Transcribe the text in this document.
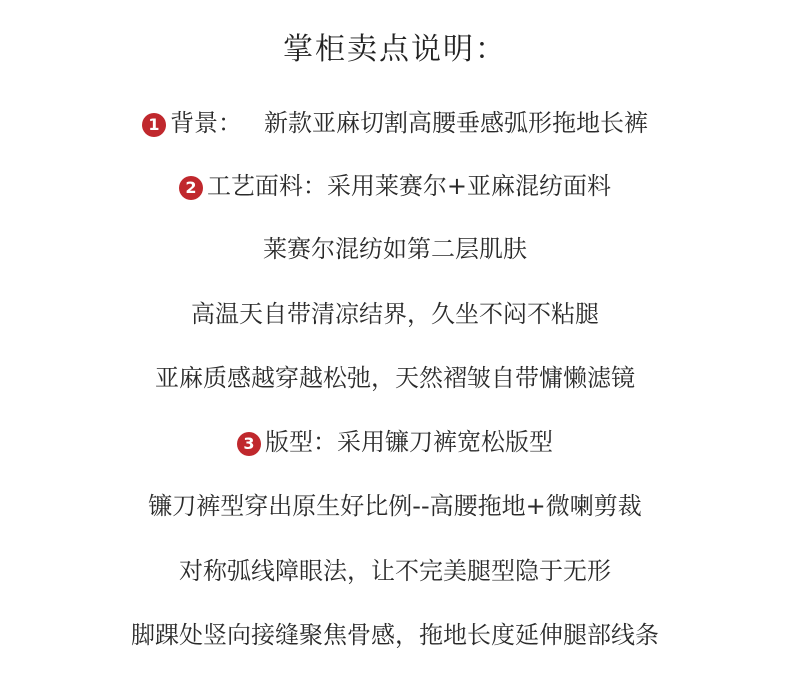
掌柜卖点说明：
1 背景： 新款亚麻切割高腰垂感弧形拖地长裤
2 工艺面料：采用莱赛尔+亚麻混纺面料
莱赛尔混纺如第二层肌肤
高温天自带清凉结界，久坐不闷不粘腿
亚麻质感越穿越松弛，天然褶皱自带慵懒滤镜
3 版型：采用镰刀裤宽松版型
镰刀裤型穿出原生好比例--高腰拖地+微喇剪裁
对称弧线障眼法，让不完美腿型隐于无形
脚踝处竖向接缝聚焦骨感，拖地长度延伸腿部线条
